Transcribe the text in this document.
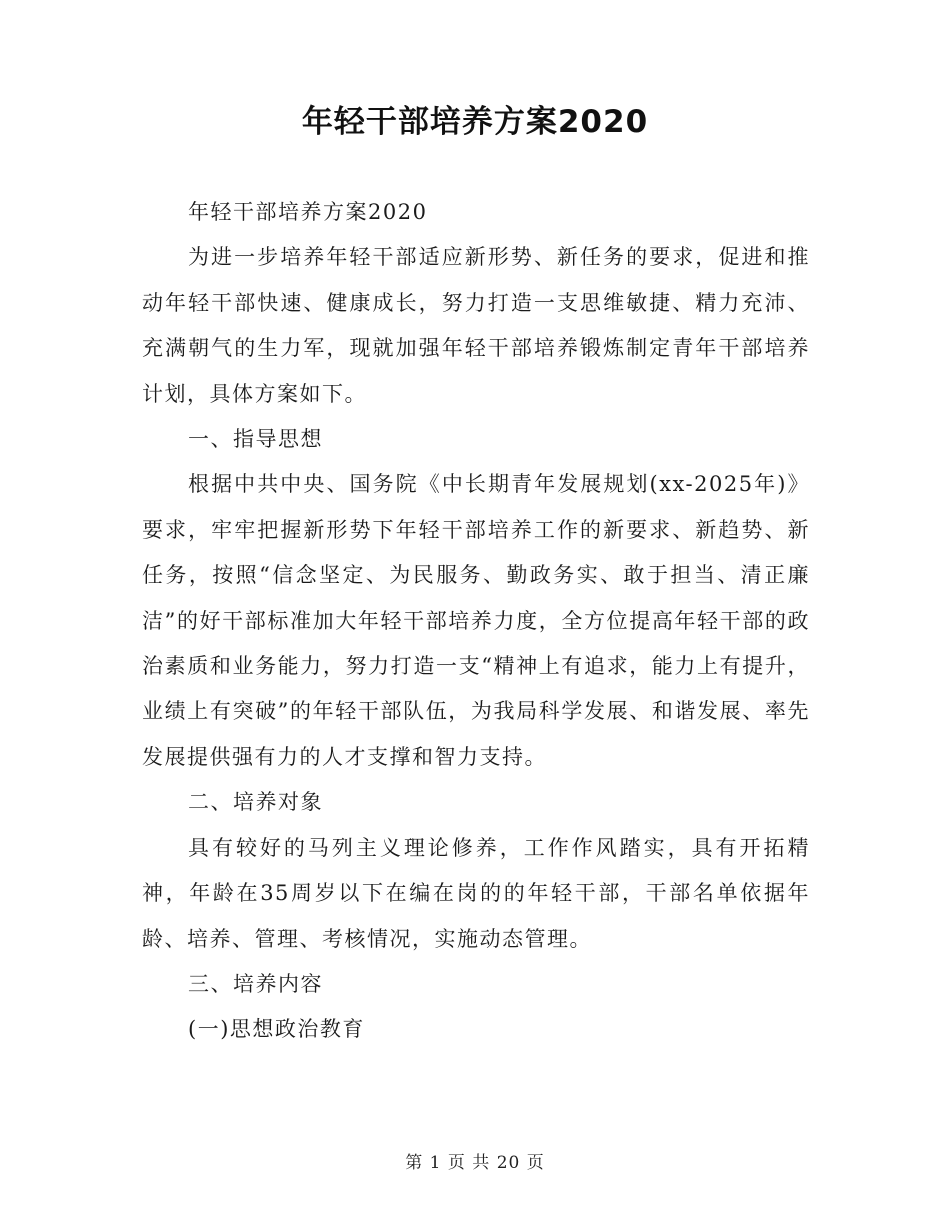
年轻干部培养方案2020

年轻干部培养方案2020

为进一步培养年轻干部适应新形势、新任务的要求，促进和推动年轻干部快速、健康成长，努力打造一支思维敏捷、精力充沛、充满朝气的生力军，现就加强年轻干部培养锻炼制定青年干部培养计划，具体方案如下。

一、指导思想

根据中共中央、国务院《中长期青年发展规划(xx-2025年)》要求，牢牢把握新形势下年轻干部培养工作的新要求、新趋势、新任务，按照“信念坚定、为民服务、勤政务实、敢于担当、清正廉洁”的好干部标准加大年轻干部培养力度，全方位提高年轻干部的政治素质和业务能力，努力打造一支“精神上有追求，能力上有提升，业绩上有突破”的年轻干部队伍，为我局科学发展、和谐发展、率先发展提供强有力的人才支撑和智力支持。

二、培养对象

具有较好的马列主义理论修养，工作作风踏实，具有开拓精神，年龄在35周岁以下在编在岗的的年轻干部，干部名单依据年龄、培养、管理、考核情况，实施动态管理。

三、培养内容

(一)思想政治教育

第 1 页 共 20 页
